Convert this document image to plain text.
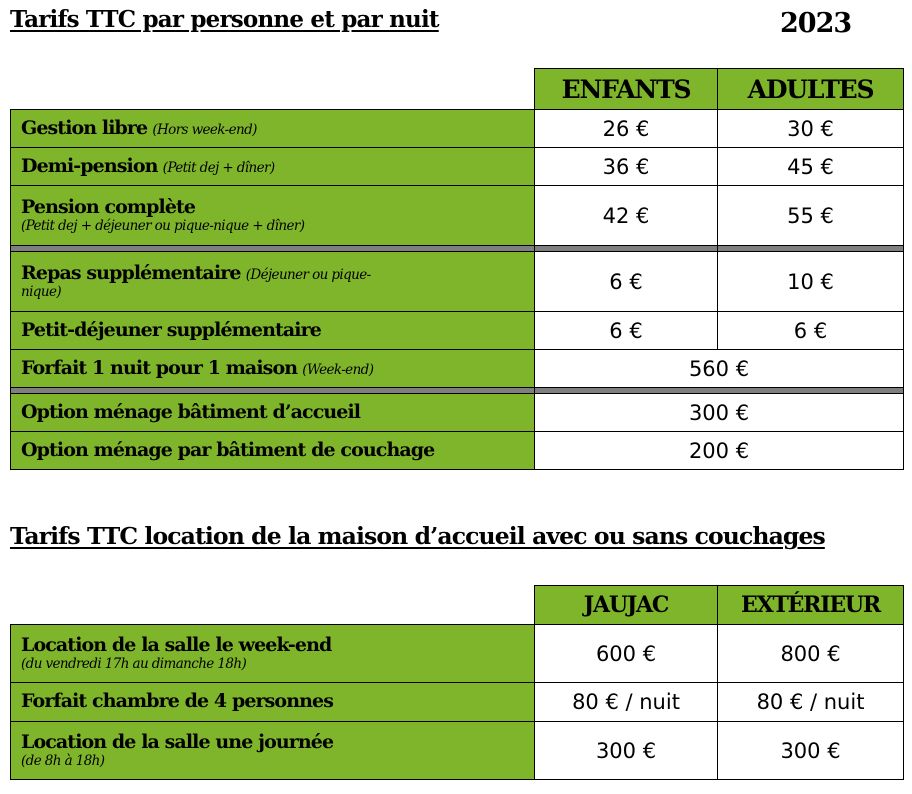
Tarifs TTC par personne et par nuit	2023
	ENFANTS	ADULTES
Gestion libre (Hors week-end)	26 €	30 €
Demi-pension (Petit dej + dîner)	36 €	45 €

Pension complète
(Petit dej + déjeuner ou pique-nique + dîner)	42 €	55 €

Repas supplémentaire (Déjeuner ou pique-
nique)	6 €	10 €
Petit-déjeuner supplémentaire	6 €	6 €
Forfait 1 nuit pour 1 maison (Week-end)	560 €	

Option ménage bâtiment d’accueil	300 €	
Option ménage par bâtiment de couchage	200 €	
Tarifs TTC location de la maison d’accueil avec ou sans couchages
	JAUJAC	EXTÉRIEUR

Location de la salle le week-end
(du vendredi 17h au dimanche 18h)	600 €	800 €
Forfait chambre de 4 personnes	80 € / nuit	80 € / nuit

Location de la salle une journée
(de 8h à 18h)	300 €	300 €
